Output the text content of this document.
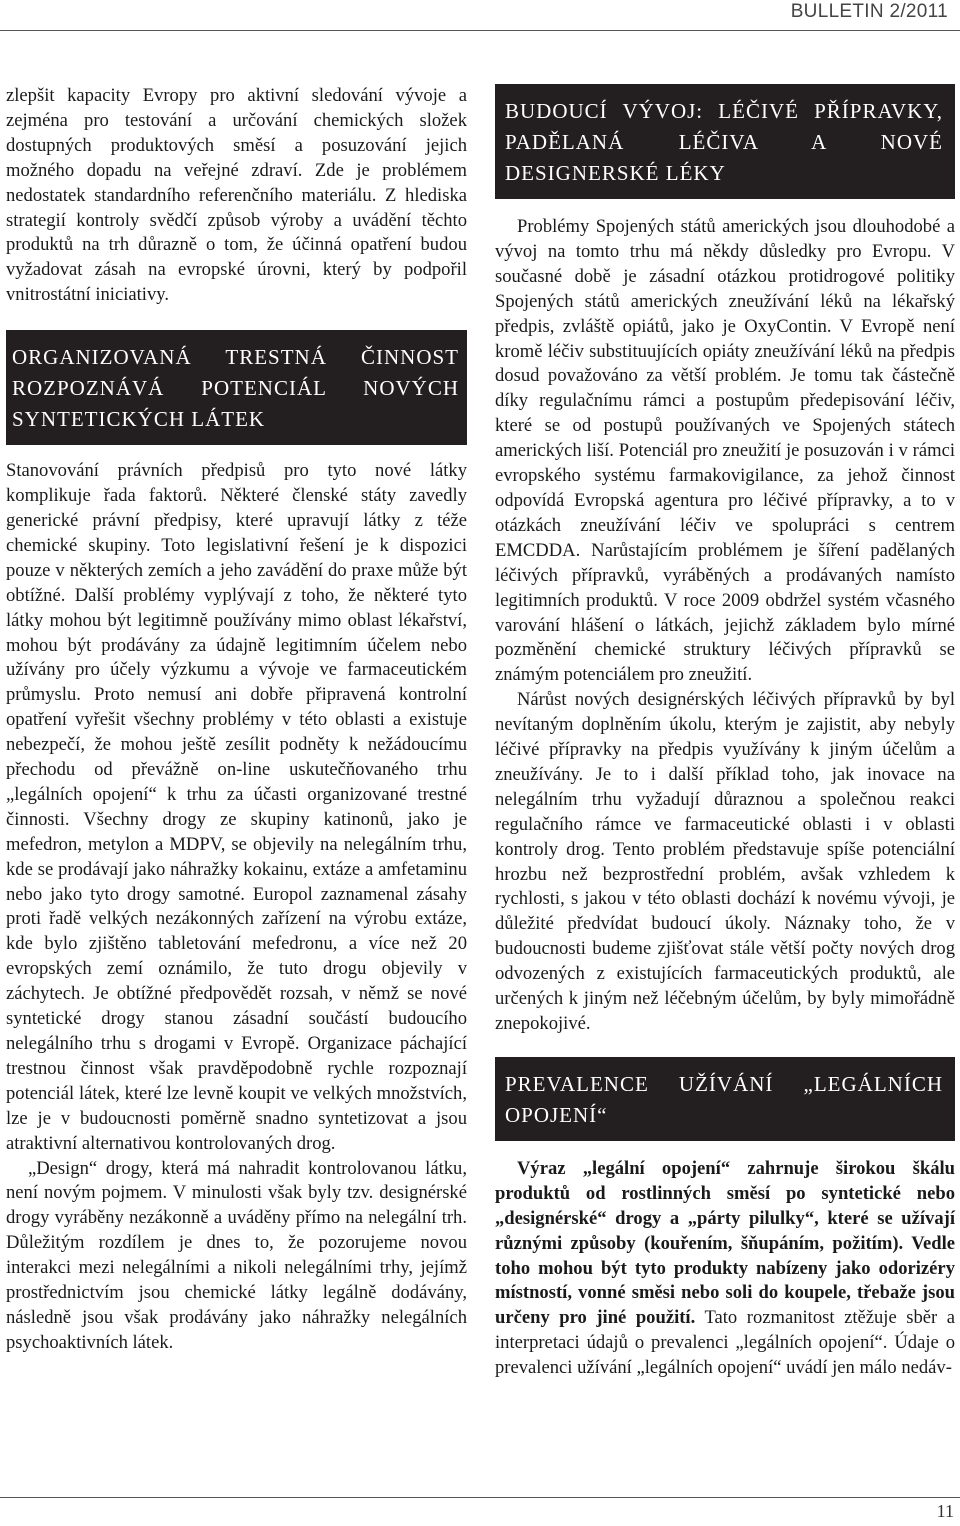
BULLETIN 2/2011

zlepšit kapacity Evropy pro aktivní sledování vývoje a zejména pro testování a určování chemických složek dostupných produktových směsí a posuzování jejich možného dopadu na veřejné zdraví. Zde je problémem nedostatek standardního referenčního materiálu. Z hlediska strategií kontroly svědčí způsob výroby a uvádění těchto produktů na trh důrazně o tom, že účinná opatření budou vyžadovat zásah na evropské úrovni, který by podpořil vnitrostátní iniciativy.

ORGANIZOVANÁ TRESTNÁ ČINNOST ROZPOZNÁVÁ POTENCIÁL NOVÝCH SYNTETICKÝCH LÁTEK

Stanovování právních předpisů pro tyto nové látky komplikuje řada faktorů. Některé členské státy zavedly generické právní předpisy, které upravují látky z téže chemické skupiny. Toto legislativní řešení je k dispozici pouze v některých zemích a jeho zavádění do praxe může být obtížné. Další problémy vyplývají z toho, že některé tyto látky mohou být legitimně používány mimo oblast lékařství, mohou být prodávány za údajně legitimním účelem nebo užívány pro účely výzkumu a vývoje ve farmaceutickém průmyslu. Proto nemusí ani dobře připravená kontrolní opatření vyřešit všechny problémy v této oblasti a existuje nebezpečí, že mohou ještě zesílit podněty k nežádoucímu přechodu od převážně on-line uskutečňovaného trhu „legálních opojení“ k trhu za účasti organizované trestné činnosti. Všechny drogy ze skupiny katinonů, jako je mefedron, metylon a MDPV, se objevily na nelegálním trhu, kde se prodávají jako náhražky kokainu, extáze a amfetaminu nebo jako tyto drogy samotné. Europol zaznamenal zásahy proti řadě velkých nezákonných zařízení na výrobu extáze, kde bylo zjištěno tabletování mefedronu, a více než 20 evropských zemí oznámilo, že tuto drogu objevily v záchytech. Je obtížné předpovědět rozsah, v němž se nové syntetické drogy stanou zásadní součástí budoucího nelegálního trhu s drogami v Evropě. Organizace páchající trestnou činnost však pravděpodobně rychle rozpoznají potenciál látek, které lze levně koupit ve velkých množstvích, lze je v budoucnosti poměrně snadno syntetizovat a jsou atraktivní alternativou kontrolovaných drog.

„Design“ drogy, která má nahradit kontrolovanou látku, není novým pojmem. V minulosti však byly tzv. designérské drogy vyráběny nezákonně a uváděny přímo na nelegální trh. Důležitým rozdílem je dnes to, že pozorujeme novou interakci mezi nelegálními a nikoli nelegálními trhy, jejímž prostřednictvím jsou chemické látky legálně dodávány, následně jsou však prodávány jako náhražky nelegálních psychoaktivních látek.

BUDOUCÍ VÝVOJ: LÉČIVÉ PŘÍPRAVKY, PADĚLANÁ LÉČIVA A NOVÉ DESIGNERSKÉ LÉKY

Problémy Spojených států amerických jsou dlouhodobé a vývoj na tomto trhu má někdy důsledky pro Evropu. V současné době je zásadní otázkou protidrogové politiky Spojených států amerických zneužívání léků na lékařský předpis, zvláště opiátů, jako je OxyContin. V Evropě není kromě léčiv substituujících opiáty zneužívání léků na předpis dosud považováno za větší problém. Je tomu tak částečně díky regulačnímu rámci a postupům předepisování léčiv, které se od postupů používaných ve Spojených státech amerických liší. Potenciál pro zneužití je posuzován i v rámci evropského systému farmakovigilance, za jehož činnost odpovídá Evropská agentura pro léčivé přípravky, a to v otázkách zneužívání léčiv ve spolupráci s centrem EMCDDA. Narůstajícím problémem je šíření padělaných léčivých přípravků, vyráběných a prodávaných namísto legitimních produktů. V roce 2009 obdržel systém včasného varování hlášení o látkách, jejichž základem bylo mírné pozměnění chemické struktury léčivých přípravků se známým potenciálem pro zneužití.

Nárůst nových designérských léčivých přípravků by byl nevítaným doplněním úkolu, kterým je zajistit, aby nebyly léčivé přípravky na předpis využívány k jiným účelům a zneužívány. Je to i další příklad toho, jak inovace na nelegálním trhu vyžadují důraznou a společnou reakci regulačního rámce ve farmaceutické oblasti i v oblasti kontroly drog. Tento problém představuje spíše potenciální hrozbu než bezprostřední problém, avšak vzhledem k rychlosti, s jakou v této oblasti dochází k novému vývoji, je důležité předvídat budoucí úkoly. Náznaky toho, že v budoucnosti budeme zjišťovat stále větší počty nových drog odvozených z existujících farmaceutických produktů, ale určených k jiným než léčebným účelům, by byly mimořádně znepokojivé.

PREVALENCE UŽÍVÁNÍ „LEGÁLNÍCH OPOJENÍ“

Výraz „legální opojení“ zahrnuje širokou škálu produktů od rostlinných směsí po syntetické nebo „designérské“ drogy a „párty pilulky“, které se užívají různými způsoby (kouřením, šňupáním, požitím). Vedle toho mohou být tyto produkty nabízeny jako odorizéry místností, vonné směsi nebo soli do koupele, třebaže jsou určeny pro jiné použití. Tato rozmanitost ztěžuje sběr a interpretaci údajů o prevalenci „legálních opojení“. Údaje o prevalenci užívání „legálních opojení“ uvádí jen málo nedáv-

11
